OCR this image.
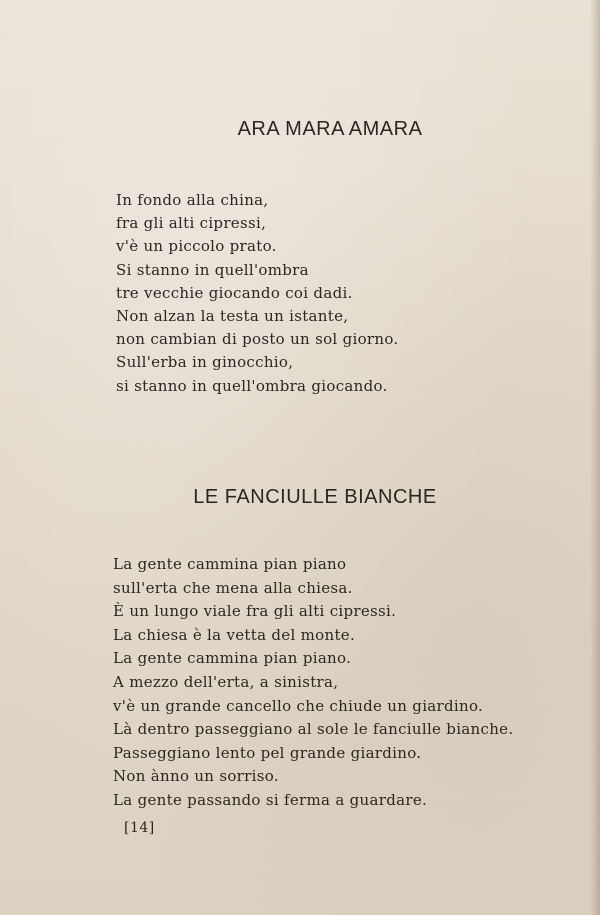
ARA MARA AMARA
In fondo alla china,
fra gli alti cipressi,
v'è un piccolo prato.
Si stanno in quell'ombra
tre vecchie giocando coi dadi.
Non alzan la testa un istante,
non cambian di posto un sol giorno.
Sull'erba in ginocchio,
si stanno in quell'ombra giocando.
LE FANCIULLE BIANCHE
La gente cammina pian piano
sull'erta che mena alla chiesa.
È un lungo viale fra gli alti cipressi.
La chiesa è la vetta del monte.
La gente cammina pian piano.
A mezzo dell'erta, a sinistra,
v'è un grande cancello che chiude un giardino.
Là dentro passeggiano al sole le fanciulle bianche.
Passeggiano lento pel grande giardino.
Non ànno un sorriso.
La gente passando si ferma a guardare.
[14]
